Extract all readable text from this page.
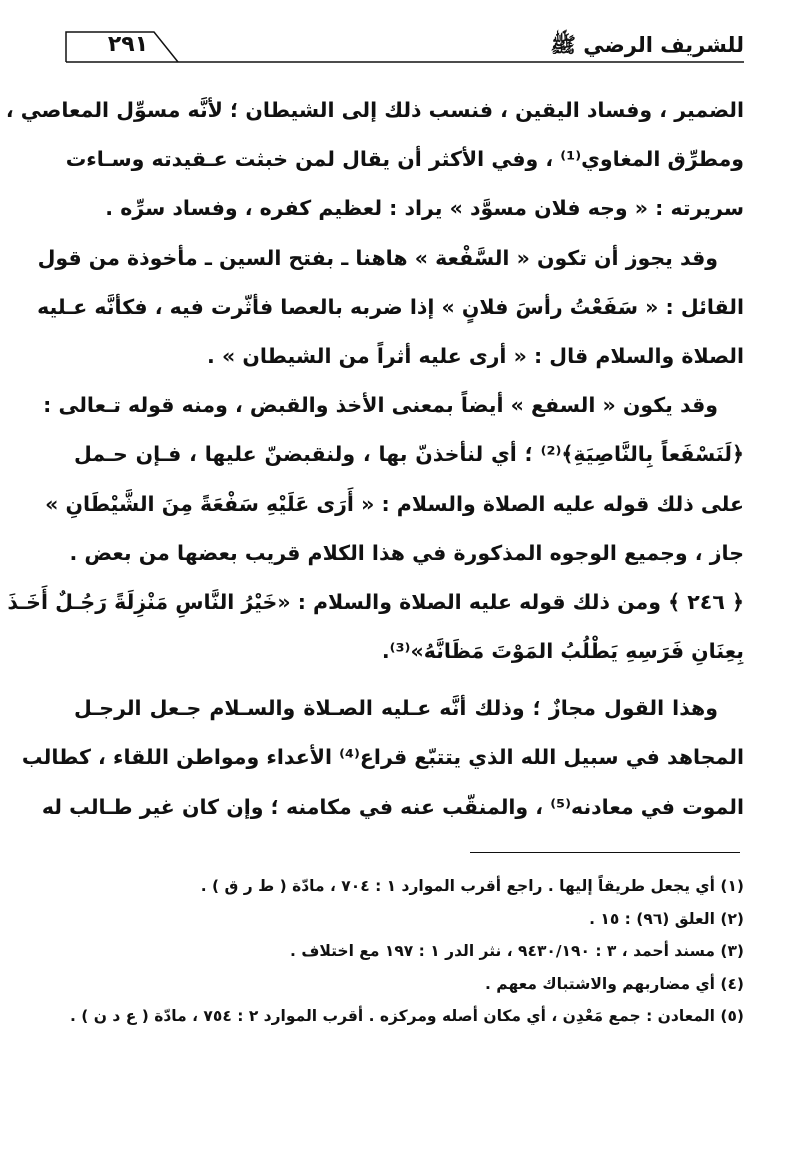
٢٩١	للشريف الرضي ﷺ
الضمير ، وفساد اليقين ، فنسب ذلك إلى الشيطان ؛ لأنَّه مسوِّل المعاصي ،
ومطرِّق المغاوي⁽¹⁾ ، وفي الأكثر أن يقال لمن خبثت عـقيدته وسـاءت
سريرته : « وجه فلان مسوَّد » يراد : لعظيم كفره ، وفساد سرِّه .
وقد يجوز أن تكون « السَّفْعة » هاهنا ـ بفتح السين ـ مأخوذة من قول
القائل : « سَفَعْتُ رأسَ فلانٍ » إذا ضربه بالعصا فأثّرت فيه ، فكأنَّه عـليه
الصلاة والسلام قال : « أرى عليه أثراً من الشيطان » .
وقد يكون « السفع » أيضاً بمعنى الأخذ والقبض ، ومنه قوله تـعالى :
﴿لَنَسْفَعاً بِالنَّاصِيَةِ﴾⁽²⁾ ؛ أي لنأخذنّ بها ، ولنقبضنّ عليها ، فـإن حـمل
على ذلك قوله عليه الصلاة والسلام : « أَرَى عَلَيْهِ سَفْعَةً مِنَ الشَّيْطَانِ »
جاز ، وجميع الوجوه المذكورة في هذا الكلام قريب بعضها من بعض .
﴿ ٢٤٦ ﴾ ومن ذلك قوله عليه الصلاة والسلام : «خَيْرُ النَّاسِ مَنْزِلَةً رَجُـلٌ أَخَـذَ
بِعِنَانِ فَرَسِهِ يَطْلُبُ المَوْتَ مَظَانَّهُ»⁽³⁾.
وهذا القول مجازٌ ؛ وذلك أنَّه عـليه الصـلاة والسـلام جـعل الرجـل
المجاهد في سبيل الله الذي يتتبّع قراع⁽⁴⁾ الأعداء ومواطن اللقاء ، كطالب
الموت في معادنه⁽⁵⁾ ، والمنقّب عنه في مكامنه ؛ وإن كان غير طـالب له
(١) أي يجعل طريقاً إليها . راجع أقرب الموارد ١ : ٧٠٤ ، مادّة ( ط ر ق ) .
(٢) العلق (٩٦) : ١٥ .
(٣) مسند أحمد ، ٣ : ٩٤٣٠/١٩٠ ، نثر الدر ١ : ١٩٧ مع اختلاف .
(٤) أي مضاربهم والاشتباك معهم .
(٥) المعادن : جمع مَعْدِن ، أي مكان أصله ومركزه . أقرب الموارد ٢ : ٧٥٤ ، مادّة ( ع د ن ) .
